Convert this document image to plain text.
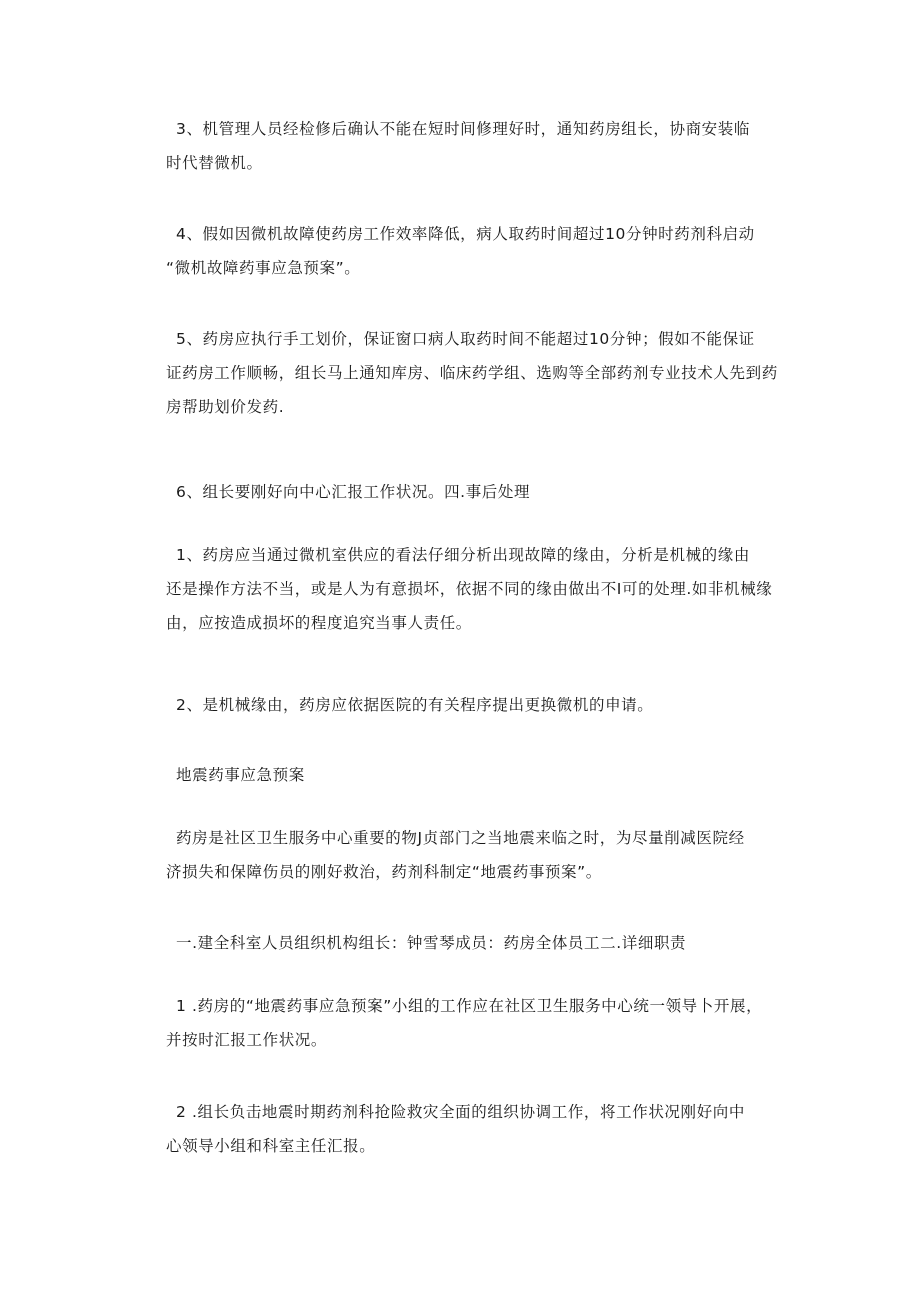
3、机管理人员经检修后确认不能在短时间修理好时，通知药房组长，协商安装临
时代替微机。

4、假如因微机故障使药房工作效率降低，病人取药时间超过10分钟时药剂科启动
“微机故障药事应急预案”。

5、药房应执行手工划价，保证窗口病人取药时间不能超过10分钟；假如不能保证
证药房工作顺畅，组长马上通知库房、临床药学组、选购等全部药剂专业技术人先到药
房帮助划价发药.

6、组长要刚好向中心汇报工作状况。四.事后处理

1、药房应当通过微机室供应的看法仔细分析出现故障的缘由，分析是机械的缘由
还是操作方法不当，或是人为有意损坏，依据不同的缘由做出不I可的处理.如非机械缘
由，应按造成损坏的程度追究当事人责任。

2、是机械缘由，药房应依据医院的有关程序提出更换微机的申请。

地震药事应急预案

药房是社区卫生服务中心重要的物J贞部门之当地震来临之时，为尽量削减医院经
济损失和保障伤员的刚好救治，药剂科制定“地震药事预案”。

一.建全科室人员组织机构组长：钟雪琴成员：药房全体员工二.详细职责

1 .药房的“地震药事应急预案”小组的工作应在社区卫生服务中心统一领导卜开展，
并按时汇报工作状况。

2 .组长负击地震时期药剂科抢险救灾全面的组织协调工作，将工作状况刚好向中
心领导小组和科室主任汇报。
